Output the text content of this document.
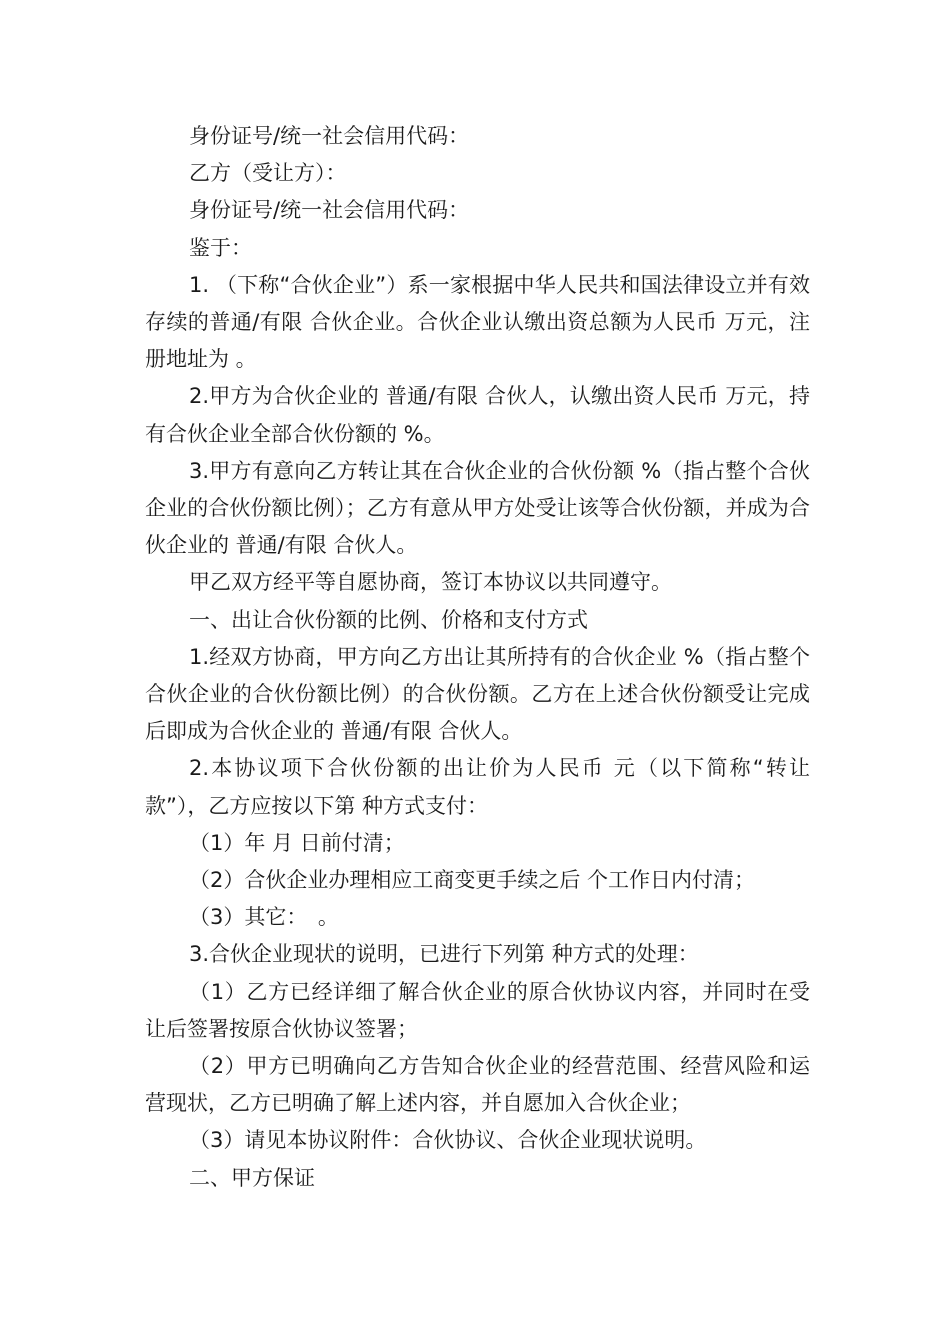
身份证号/统一社会信用代码：

乙方（受让方）：

身份证号/统一社会信用代码：

鉴于：

1. （下称“合伙企业”）系一家根据中华人民共和国法律设立并有效存续的普通/有限 合伙企业。合伙企业认缴出资总额为人民币 万元，注册地址为 。

2.甲方为合伙企业的 普通/有限 合伙人，认缴出资人民币 万元，持有合伙企业全部合伙份额的 %。

3.甲方有意向乙方转让其在合伙企业的合伙份额 %（指占整个合伙企业的合伙份额比例）；乙方有意从甲方处受让该等合伙份额，并成为合伙企业的 普通/有限 合伙人。

甲乙双方经平等自愿协商，签订本协议以共同遵守。

一、出让合伙份额的比例、价格和支付方式

1.经双方协商，甲方向乙方出让其所持有的合伙企业 %（指占整个合伙企业的合伙份额比例）的合伙份额。乙方在上述合伙份额受让完成后即成为合伙企业的 普通/有限 合伙人。

2.本协议项下合伙份额的出让价为人民币 元（以下简称“转让款”），乙方应按以下第 种方式支付：

（1）年 月 日前付清；

（2）合伙企业办理相应工商变更手续之后 个工作日内付清；

（3）其它：　。

3.合伙企业现状的说明，已进行下列第 种方式的处理：

（1）乙方已经详细了解合伙企业的原合伙协议内容，并同时在受让后签署按原合伙协议签署；

（2）甲方已明确向乙方告知合伙企业的经营范围、经营风险和运营现状，乙方已明确了解上述内容，并自愿加入合伙企业；

（3）请见本协议附件：合伙协议、合伙企业现状说明。

二、甲方保证
